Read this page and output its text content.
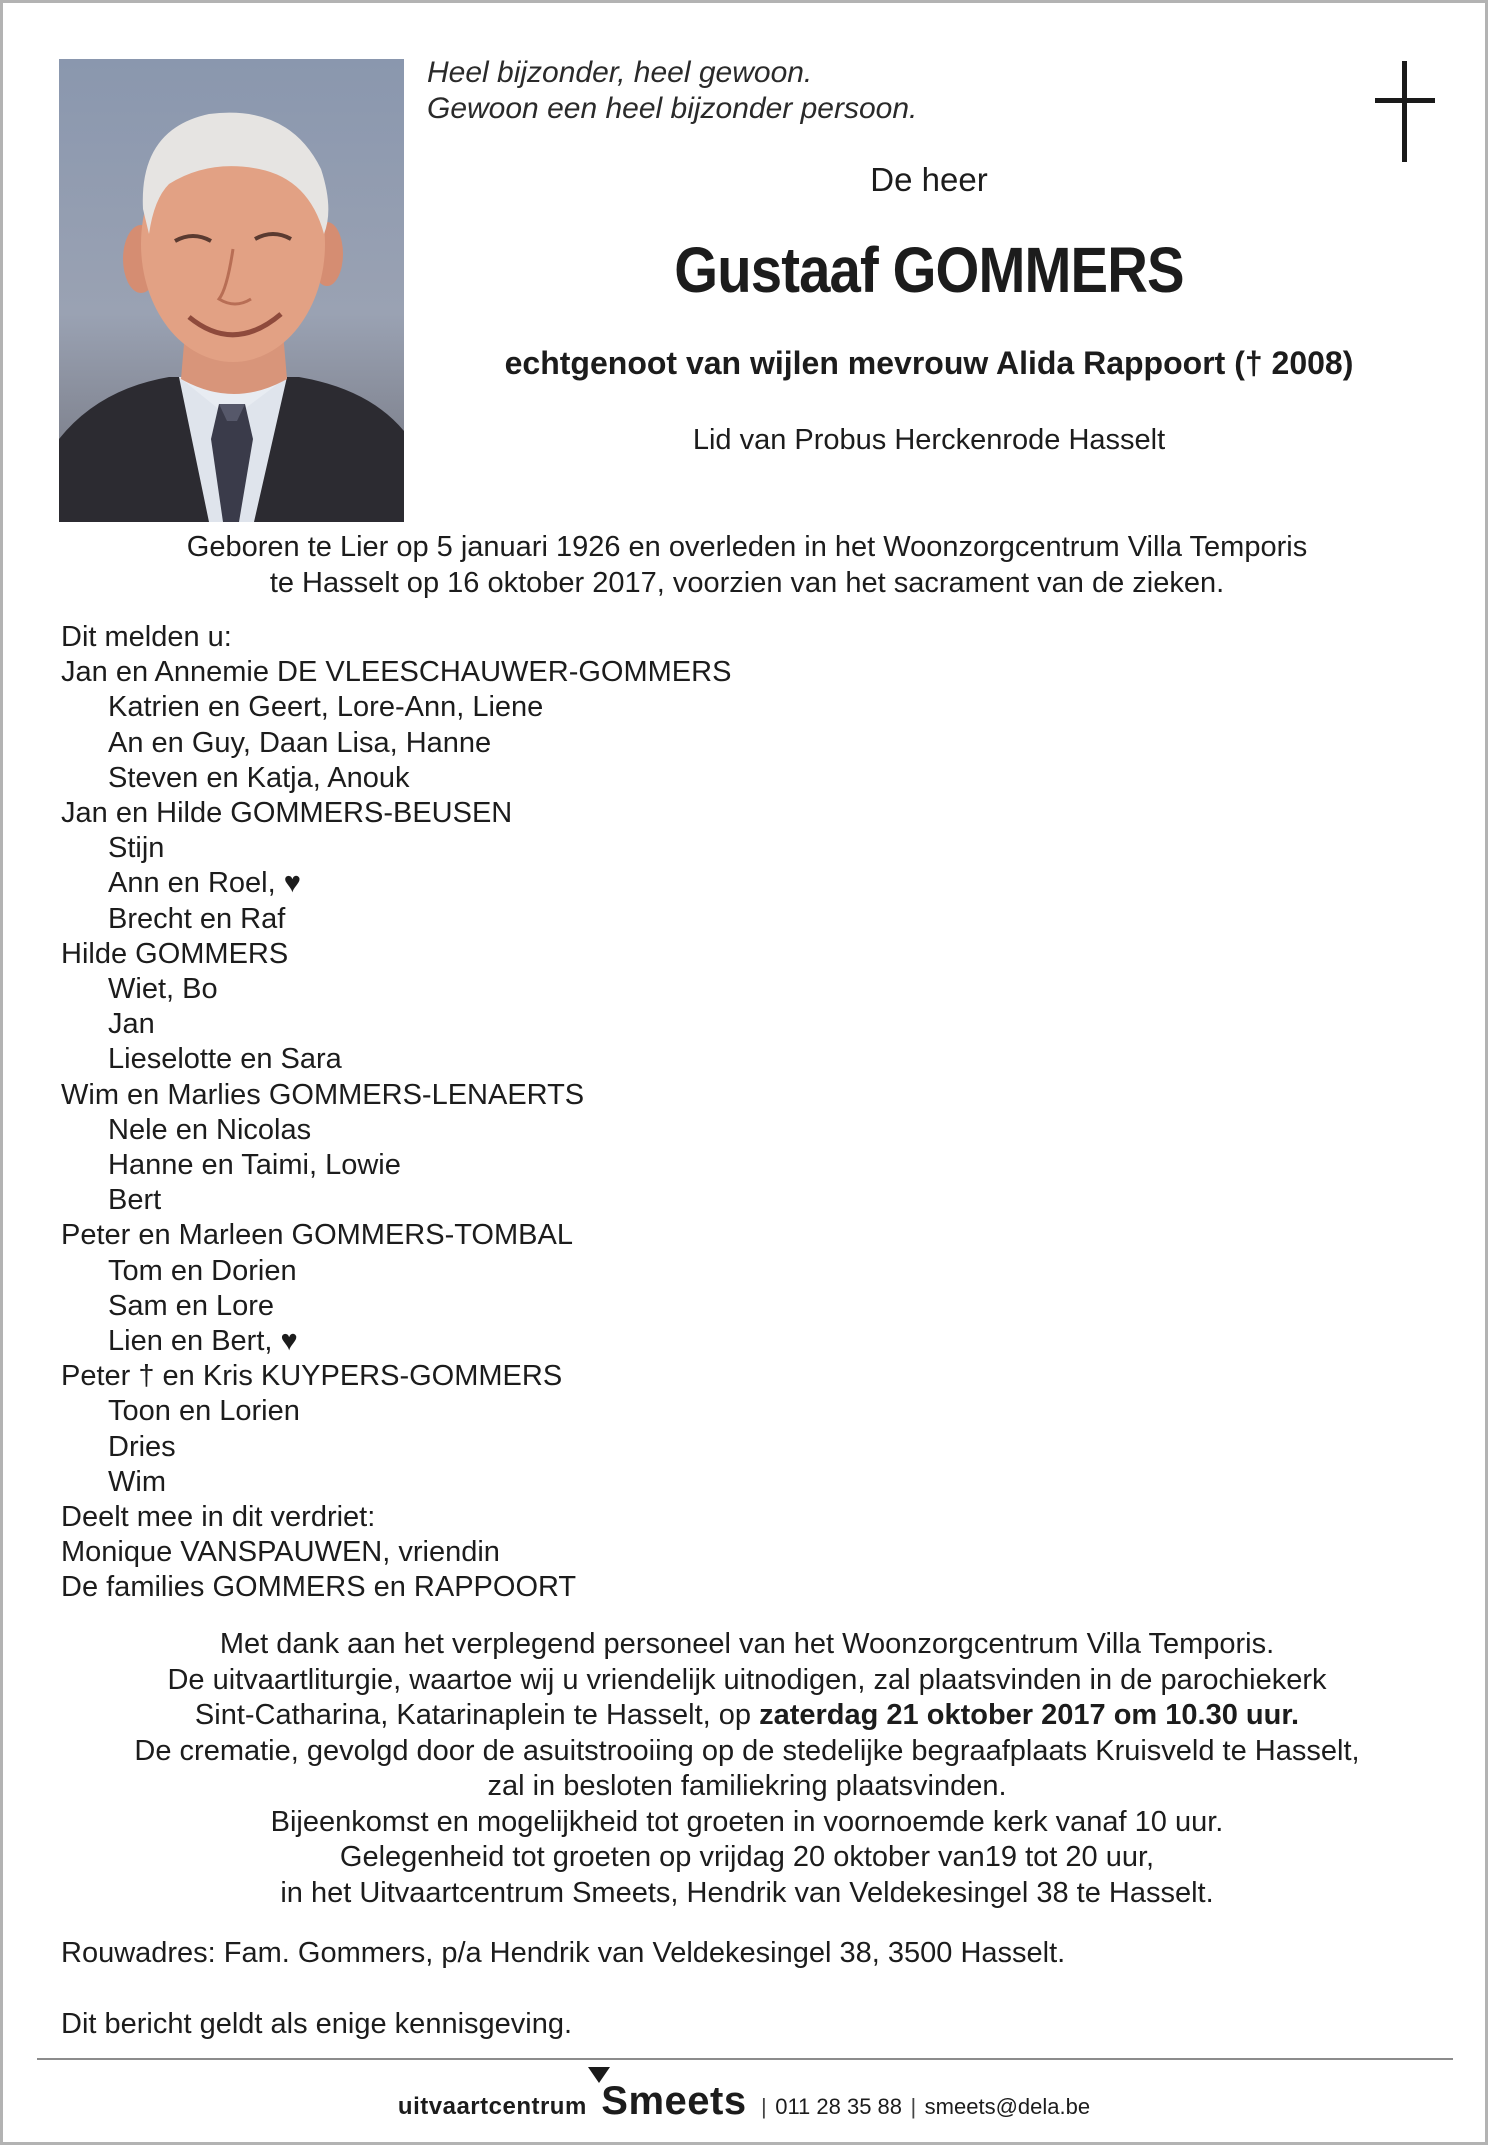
Heel bijzonder, heel gewoon.
Gewoon een heel bijzonder persoon.
De heer
Gustaaf GOMMERS
echtgenoot van wijlen mevrouw Alida Rappoort († 2008)
Lid van Probus Herckenrode Hasselt
Geboren te Lier op 5 januari 1926 en overleden in het Woonzorgcentrum Villa Temporis
te Hasselt op 16 oktober 2017, voorzien van het sacrament van de zieken.
Dit melden u:
Jan en Annemie DE VLEESCHAUWER-GOMMERS
Katrien en Geert, Lore-Ann, Liene
An en Guy, Daan Lisa, Hanne
Steven en Katja, Anouk
Jan en Hilde GOMMERS-BEUSEN
Stijn
Ann en Roel, ♥
Brecht en Raf
Hilde GOMMERS
Wiet, Bo
Jan
Lieselotte en Sara
Wim en Marlies GOMMERS-LENAERTS
Nele en Nicolas
Hanne en Taimi, Lowie
Bert
Peter en Marleen GOMMERS-TOMBAL
Tom en Dorien
Sam en Lore
Lien en Bert, ♥
Peter † en Kris KUYPERS-GOMMERS
Toon en Lorien
Dries
Wim
Deelt mee in dit verdriet:
Monique VANSPAUWEN, vriendin
De families GOMMERS en RAPPOORT
Met dank aan het verplegend personeel van het Woonzorgcentrum Villa Temporis.
De uitvaartliturgie, waartoe wij u vriendelijk uitnodigen, zal plaatsvinden in de parochiekerk
Sint-Catharina, Katarinaplein te Hasselt, op zaterdag 21 oktober 2017 om 10.30 uur.
De crematie, gevolgd door de asuitstrooiing op de stedelijke begraafplaats Kruisveld te Hasselt,
zal in besloten familiekring plaatsvinden.
Bijeenkomst en mogelijkheid tot groeten in voornoemde kerk vanaf 10 uur.
Gelegenheid tot groeten op vrijdag 20 oktober van19 tot 20 uur,
in het Uitvaartcentrum Smeets, Hendrik van Veldekesingel 38 te Hasselt.
Rouwadres: Fam. Gommers, p/a Hendrik van Veldekesingel 38, 3500 Hasselt.
Dit bericht geldt als enige kennisgeving.
uitvaartcentrum Smeets | 011 28 35 88 | smeets@dela.be
